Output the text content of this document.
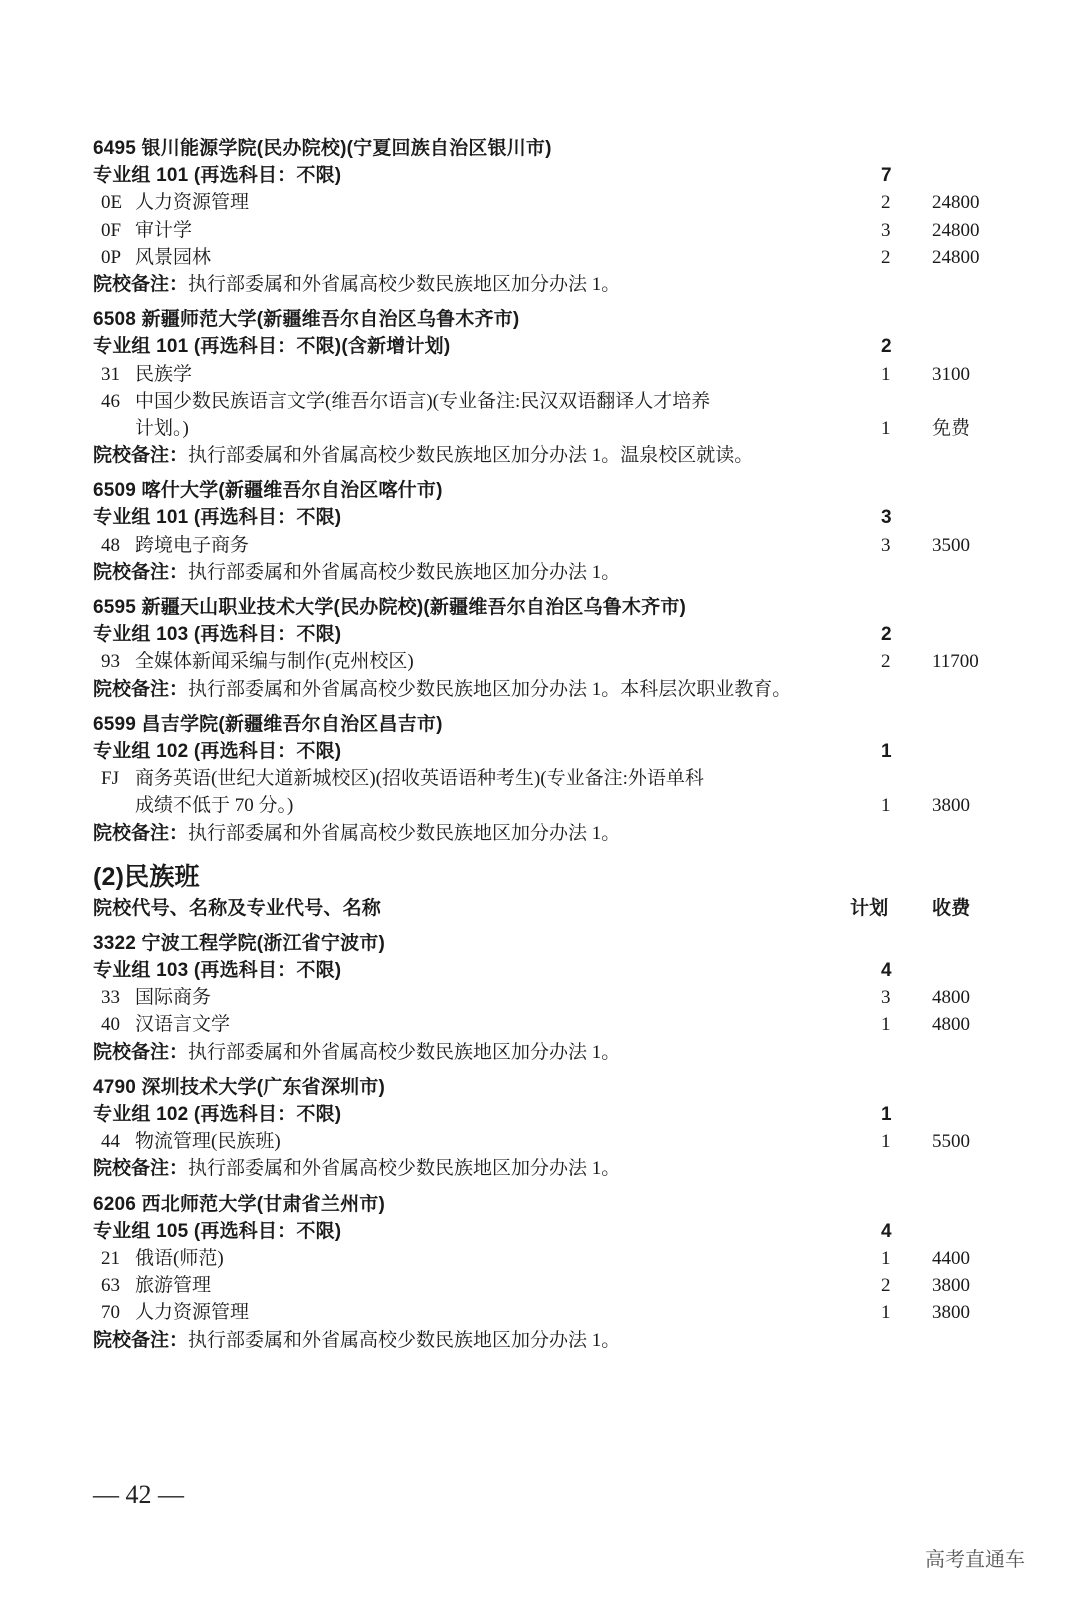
6495 银川能源学院(民办院校)(宁夏回族自治区银川市)
专业组 101 (再选科目：不限)	7
0E 人力资源管理	2 24800
0F 审计学	3 24800
0P 风景园林	2 24800
院校备注：执行部委属和外省属高校少数民族地区加分办法 1。
6508 新疆师范大学(新疆维吾尔自治区乌鲁木齐市)
专业组 101 (再选科目：不限)(含新增计划)	2
31 民族学	1 3100
46 中国少数民族语言文学(维吾尔语言)(专业备注:民汉双语翻译人才培养
计划。)	1 免费
院校备注：执行部委属和外省属高校少数民族地区加分办法 1。温泉校区就读。
6509 喀什大学(新疆维吾尔自治区喀什市)
专业组 101 (再选科目：不限)	3
48 跨境电子商务	3 3500
院校备注：执行部委属和外省属高校少数民族地区加分办法 1。
6595 新疆天山职业技术大学(民办院校)(新疆维吾尔自治区乌鲁木齐市)
专业组 103 (再选科目：不限)	2
93 全媒体新闻采编与制作(克州校区)	2 11700
院校备注：执行部委属和外省属高校少数民族地区加分办法 1。本科层次职业教育。
6599 昌吉学院(新疆维吾尔自治区昌吉市)
专业组 102 (再选科目：不限)	1
FJ 商务英语(世纪大道新城校区)(招收英语语种考生)(专业备注:外语单科
成绩不低于 70 分。)	1 3800
院校备注：执行部委属和外省属高校少数民族地区加分办法 1。
(2)民族班
院校代号、名称及专业代号、名称	计划 收费
3322 宁波工程学院(浙江省宁波市)
专业组 103 (再选科目：不限)	4
33 国际商务	3 4800
40 汉语言文学	1 4800
院校备注：执行部委属和外省属高校少数民族地区加分办法 1。
4790 深圳技术大学(广东省深圳市)
专业组 102 (再选科目：不限)	1
44 物流管理(民族班)	1 5500
院校备注：执行部委属和外省属高校少数民族地区加分办法 1。
6206 西北师范大学(甘肃省兰州市)
专业组 105 (再选科目：不限)	4
21 俄语(师范)	1 4400
63 旅游管理	2 3800
70 人力资源管理	1 3800
院校备注：执行部委属和外省属高校少数民族地区加分办法 1。
— 42 —
高考直通车
